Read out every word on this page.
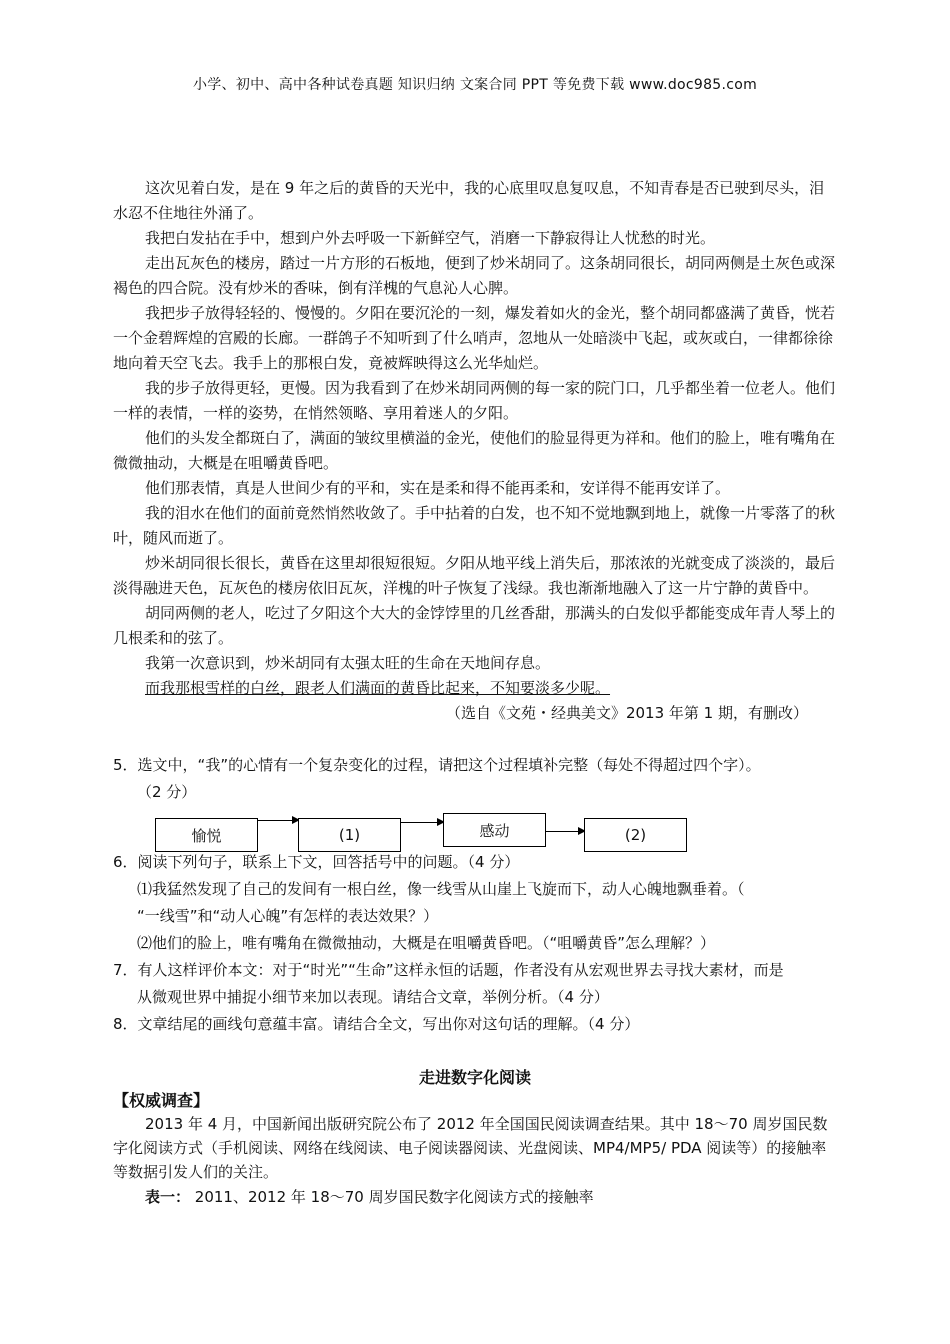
小学、初中、高中各种试卷真题 知识归纳 文案合同 PPT 等免费下载 www.doc985.com

这次见着白发，是在 9 年之后的黄昏的天光中，我的心底里叹息复叹息，不知青春是否已驶到尽头，泪水忍不住地往外涌了。

我把白发拈在手中，想到户外去呼吸一下新鲜空气，消磨一下静寂得让人忧愁的时光。

走出瓦灰色的楼房，踏过一片方形的石板地，便到了炒米胡同了。这条胡同很长，胡同两侧是土灰色或深褐色的四合院。没有炒米的香味，倒有洋槐的气息沁人心脾。

我把步子放得轻轻的、慢慢的。夕阳在要沉沦的一刻，爆发着如火的金光，整个胡同都盛满了黄昏，恍若一个金碧辉煌的宫殿的长廊。一群鸽子不知听到了什么哨声，忽地从一处暗淡中飞起，或灰或白，一律都徐徐地向着天空飞去。我手上的那根白发，竟被辉映得这么光华灿烂。

我的步子放得更轻，更慢。因为我看到了在炒米胡同两侧的每一家的院门口，几乎都坐着一位老人。他们一样的表情，一样的姿势，在悄然领略、享用着迷人的夕阳。

他们的头发全都斑白了，满面的皱纹里横溢的金光，使他们的脸显得更为祥和。他们的脸上，唯有嘴角在微微抽动，大概是在咀嚼黄昏吧。

他们那表情，真是人世间少有的平和，实在是柔和得不能再柔和，安详得不能再安详了。

我的泪水在他们的面前竟然悄然收敛了。手中拈着的白发，也不知不觉地飘到地上，就像一片零落了的秋叶，随风而逝了。

炒米胡同很长很长，黄昏在这里却很短很短。夕阳从地平线上消失后，那浓浓的光就变成了淡淡的，最后淡得融进天色，瓦灰色的楼房依旧瓦灰，洋槐的叶子恢复了浅绿。我也渐渐地融入了这一片宁静的黄昏中。

胡同两侧的老人，吃过了夕阳这个大大的金饽饽里的几丝香甜，那满头的白发似乎都能变成年青人琴上的几根柔和的弦了。

我第一次意识到，炒米胡同有太强太旺的生命在天地间存息。

而我那根雪样的白丝，跟老人们满面的黄昏比起来，不知要淡多少呢。

（选自《文苑・经典美文》2013 年第 1 期，有删改）

5．选文中，“我”的心情有一个复杂变化的过程，请把这个过程填补完整（每处不得超过四个字）。

（2 分）

愉悦	(1)	感动	(2)

6．阅读下列句子，联系上下文，回答括号中的问题。（4 分）

⑴我猛然发现了自己的发间有一根白丝，像一线雪从山崖上飞旋而下，动人心魄地飘垂着。（

“一线雪”和“动人心魄”有怎样的表达效果？）

⑵他们的脸上，唯有嘴角在微微抽动，大概是在咀嚼黄昏吧。（“咀嚼黄昏”怎么理解？）

7．有人这样评价本文：对于“时光”“生命”这样永恒的话题，作者没有从宏观世界去寻找大素材，而是

从微观世界中捕捉小细节来加以表现。请结合文章，举例分析。（4 分）

8．文章结尾的画线句意蕴丰富。请结合全文，写出你对这句话的理解。（4 分）

走进数字化阅读
【权威调查】

2013 年 4 月，中国新闻出版研究院公布了 2012 年全国国民阅读调查结果。其中 18～70 周岁国民数字化阅读方式（手机阅读、网络在线阅读、电子阅读器阅读、光盘阅读、MP4/MP5/ PDA 阅读等）的接触率等数据引发人们的关注。

表一： 2011、2012 年 18～70 周岁国民数字化阅读方式的接触率
